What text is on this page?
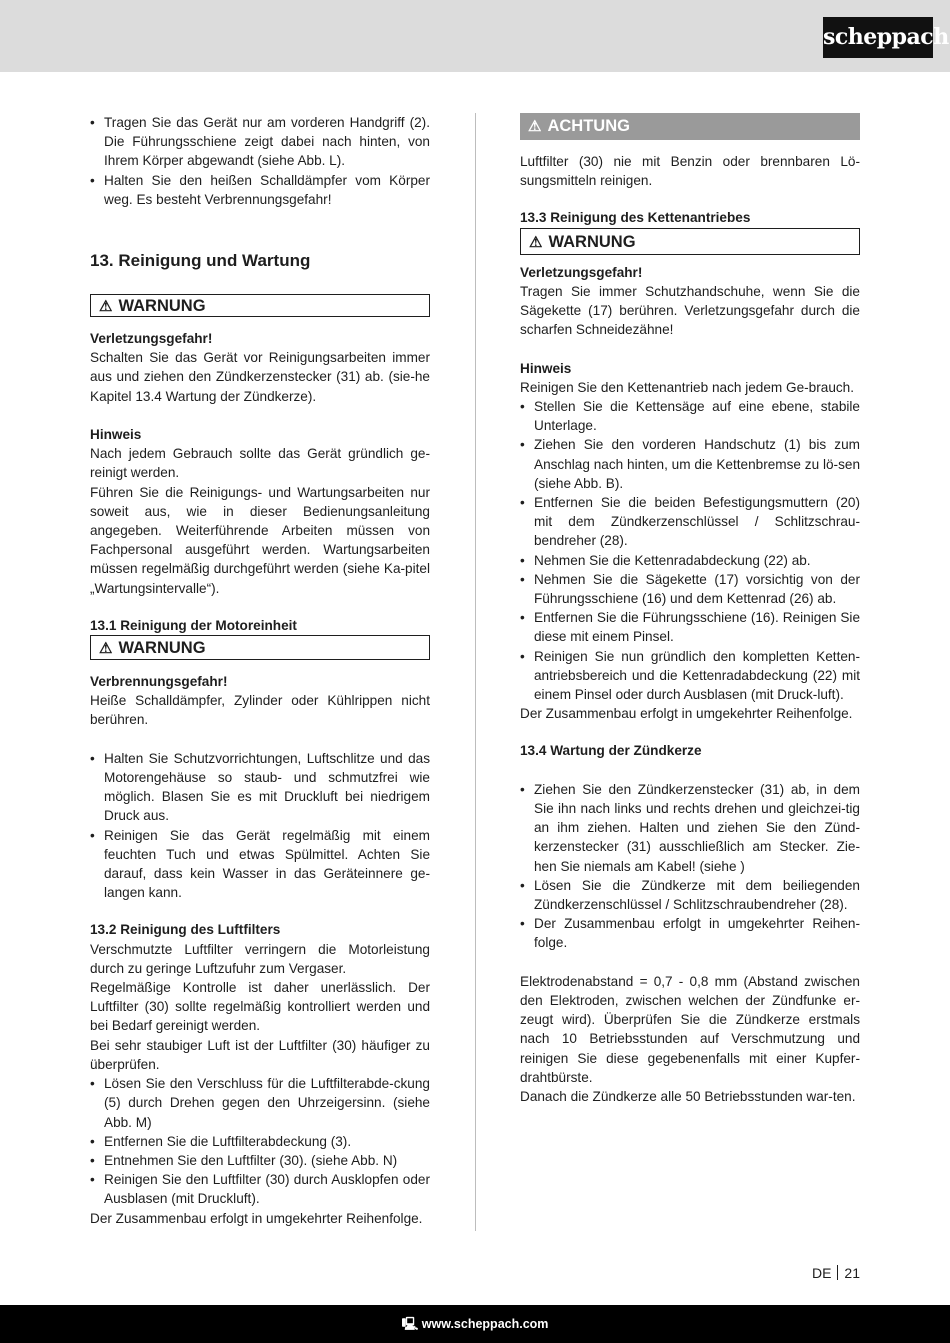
scheppach
• Tragen Sie das Gerät nur am vorderen Handgriff (2). Die Führungsschiene zeigt dabei nach hinten, von Ihrem Körper abgewandt (siehe Abb. L).
• Halten Sie den heißen Schalldämpfer vom Körper weg. Es besteht Verbrennungsgefahr!
13. Reinigung und Wartung
⚠ WARNUNG

Verletzungsgefahr!

Schalten Sie das Gerät vor Reinigungsarbeiten immer aus und ziehen den Zündkerzenstecker (31) ab. (sie-he Kapitel 13.4 Wartung der Zündkerze).

Hinweis

Nach jedem Gebrauch sollte das Gerät gründlich ge-reinigt werden.

Führen Sie die Reinigungs- und Wartungsarbeiten nur soweit aus, wie in dieser Bedienungsanleitung angegeben. Weiterführende Arbeiten müssen von Fachpersonal ausgeführt werden. Wartungsarbeiten müssen regelmäßig durchgeführt werden (siehe Ka-pitel „Wartungsintervalle“).

13.1 Reinigung der Motoreinheit
⚠ WARNUNG

Verbrennungsgefahr!

Heiße Schalldämpfer, Zylinder oder Kühlrippen nicht berühren.

• Halten Sie Schutzvorrichtungen, Luftschlitze und das Motorengehäuse so staub- und schmutzfrei wie möglich. Blasen Sie es mit Druckluft bei niedrigem Druck aus.
• Reinigen Sie das Gerät regelmäßig mit einem feuchten Tuch und etwas Spülmittel. Achten Sie darauf, dass kein Wasser in das Geräteinnere ge-langen kann.
13.2 Reinigung des Luftfilters

Verschmutzte Luftfilter verringern die Motorleistung durch zu geringe Luftzufuhr zum Vergaser.

Regelmäßige Kontrolle ist daher unerlässlich. Der Luftfilter (30) sollte regelmäßig kontrolliert werden und bei Bedarf gereinigt werden.

Bei sehr staubiger Luft ist der Luftfilter (30) häufiger zu überprüfen.

• Lösen Sie den Verschluss für die Luftfilterabde-ckung (5) durch Drehen gegen den Uhrzeigersinn. (siehe Abb. M)
• Entfernen Sie die Luftfilterabdeckung (3).
• Entnehmen Sie den Luftfilter (30). (siehe Abb. N)
• Reinigen Sie den Luftfilter (30) durch Ausklopfen oder Ausblasen (mit Druckluft).

Der Zusammenbau erfolgt in umgekehrter Reihenfolge.

⚠ ACHTUNG

Luftfilter (30) nie mit Benzin oder brennbaren Lö-sungsmitteln reinigen.

13.3 Reinigung des Kettenantriebes
⚠ WARNUNG

Verletzungsgefahr!

Tragen Sie immer Schutzhandschuhe, wenn Sie die Sägekette (17) berühren. Verletzungsgefahr durch die scharfen Schneidezähne!

Hinweis

Reinigen Sie den Kettenantrieb nach jedem Ge-brauch.

• Stellen Sie die Kettensäge auf eine ebene, stabile Unterlage.
• Ziehen Sie den vorderen Handschutz (1) bis zum Anschlag nach hinten, um die Kettenbremse zu lö-sen (siehe Abb. B).
• Entfernen Sie die beiden Befestigungsmuttern (20) mit dem Zündkerzenschlüssel / Schlitzschrau-bendreher (28).
• Nehmen Sie die Kettenradabdeckung (22) ab.
• Nehmen Sie die Sägekette (17) vorsichtig von der Führungsschiene (16) und dem Kettenrad (26) ab.
• Entfernen Sie die Führungsschiene (16). Reinigen Sie diese mit einem Pinsel.
• Reinigen Sie nun gründlich den kompletten Ketten-antriebsbereich und die Kettenradabdeckung (22) mit einem Pinsel oder durch Ausblasen (mit Druck-luft).

Der Zusammenbau erfolgt in umgekehrter Reihenfolge.

13.4 Wartung der Zündkerze
• Ziehen Sie den Zündkerzenstecker (31) ab, in dem Sie ihn nach links und rechts drehen und gleichzei-tig an ihm ziehen. Halten und ziehen Sie den Zünd-kerzenstecker (31) ausschließlich am Stecker. Zie-hen Sie niemals am Kabel! (siehe )
• Lösen Sie die Zündkerze mit dem beiliegenden Zündkerzenschlüssel / Schlitzschraubendreher (28).
• Der Zusammenbau erfolgt in umgekehrter Reihen-folge.

Elektrodenabstand = 0,7 - 0,8 mm (Abstand zwischen den Elektroden, zwischen welchen der Zündfunke er-zeugt wird). Überprüfen Sie die Zündkerze erstmals nach 10 Betriebsstunden auf Verschmutzung und reinigen Sie diese gegebenenfalls mit einer Kupfer-drahtbürste.

Danach die Zündkerze alle 50 Betriebsstunden war-ten.

DE 21
🖳 www.scheppach.com
